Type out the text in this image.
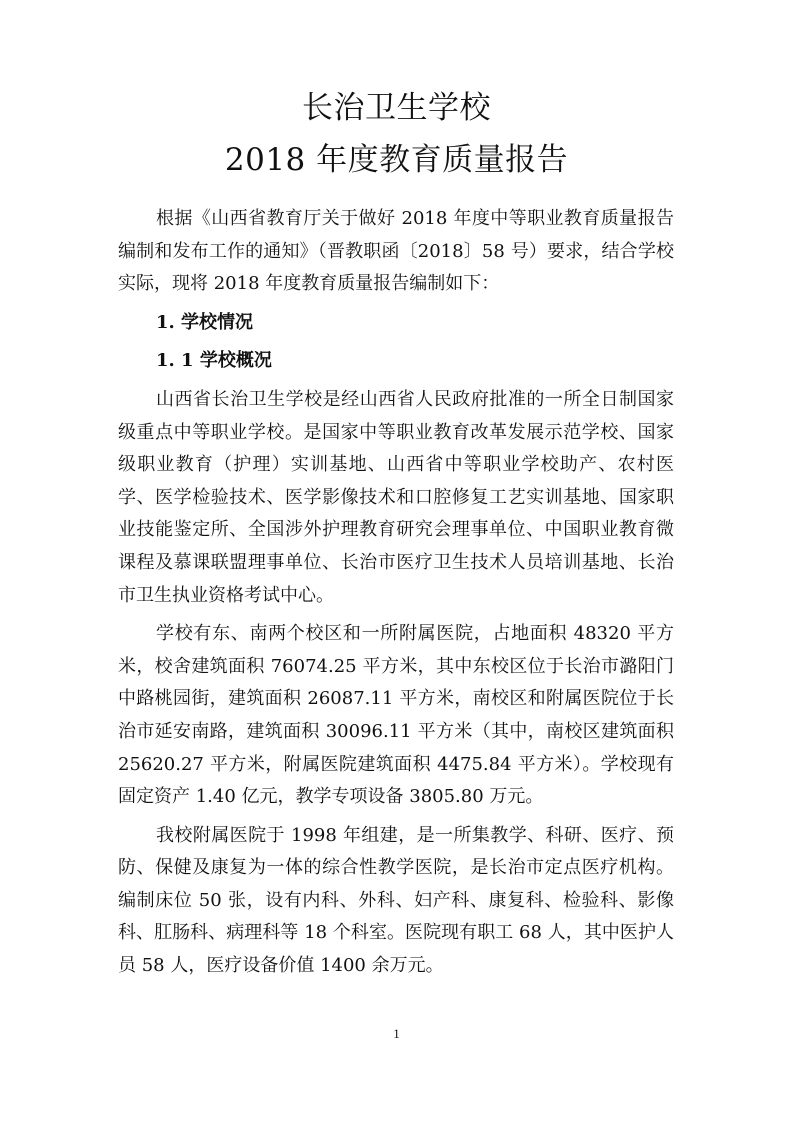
长治卫生学校

2018 年度教育质量报告

根据《山西省教育厅关于做好 2018 年度中等职业教育质量报告编制和发布工作的通知》（晋教职函〔2018〕58 号）要求，结合学校实际，现将 2018 年度教育质量报告编制如下：

1. 学校情况

1. 1 学校概况

山西省长治卫生学校是经山西省人民政府批准的一所全日制国家级重点中等职业学校。是国家中等职业教育改革发展示范学校、国家级职业教育（护理）实训基地、山西省中等职业学校助产、农村医学、医学检验技术、医学影像技术和口腔修复工艺实训基地、国家职业技能鉴定所、全国涉外护理教育研究会理事单位、中国职业教育微课程及慕课联盟理事单位、长治市医疗卫生技术人员培训基地、长治市卫生执业资格考试中心。

学校有东、南两个校区和一所附属医院，占地面积 48320 平方米，校舍建筑面积 76074.25 平方米，其中东校区位于长治市潞阳门中路桃园街，建筑面积 26087.11 平方米，南校区和附属医院位于长治市延安南路，建筑面积 30096.11 平方米（其中，南校区建筑面积 25620.27 平方米，附属医院建筑面积 4475.84 平方米）。学校现有固定资产 1.40 亿元，教学专项设备 3805.80 万元。

我校附属医院于 1998 年组建，是一所集教学、科研、医疗、预防、保健及康复为一体的综合性教学医院，是长治市定点医疗机构。编制床位 50 张，设有内科、外科、妇产科、康复科、检验科、影像科、肛肠科、病理科等 18 个科室。医院现有职工 68 人，其中医护人员 58 人，医疗设备价值 1400 余万元。

1
